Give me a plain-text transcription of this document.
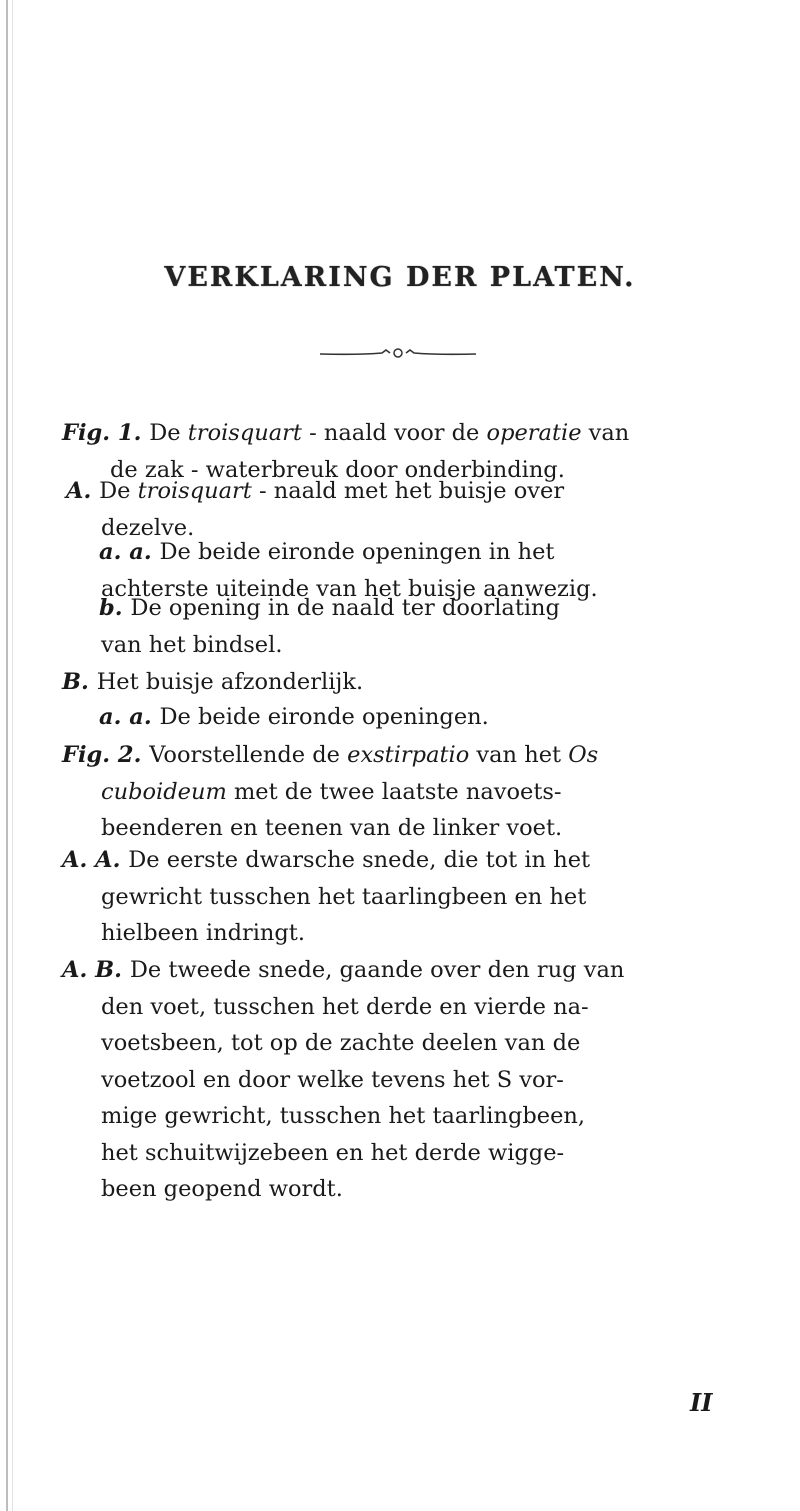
VERKLARING DER PLATEN.
Fig. 1. De troisquart - naald voor de operatie van
de zak - waterbreuk door onderbinding.
A. De troisquart - naald met het buisje over
dezelve.
a. a. De beide eironde openingen in het
achterste uiteinde van het buisje aanwezig.
b. De opening in de naald ter doorlating
van het bindsel.
B. Het buisje afzonderlijk.
a. a. De beide eironde openingen.
Fig. 2. Voorstellende de exstirpatio van het Os
cuboideum met de twee laatste navoets-
beenderen en teenen van de linker voet.
A. A. De eerste dwarsche snede, die tot in het
gewricht tusschen het taarlingbeen en het
hielbeen indringt.
A. B. De tweede snede, gaande over den rug van
den voet, tusschen het derde en vierde na-
voetsbeen, tot op de zachte deelen van de
voetzool en door welke tevens het S vor-
mige gewricht, tusschen het taarlingbeen,
het schuitwijzebeen en het derde wigge-
been geopend wordt.
II
